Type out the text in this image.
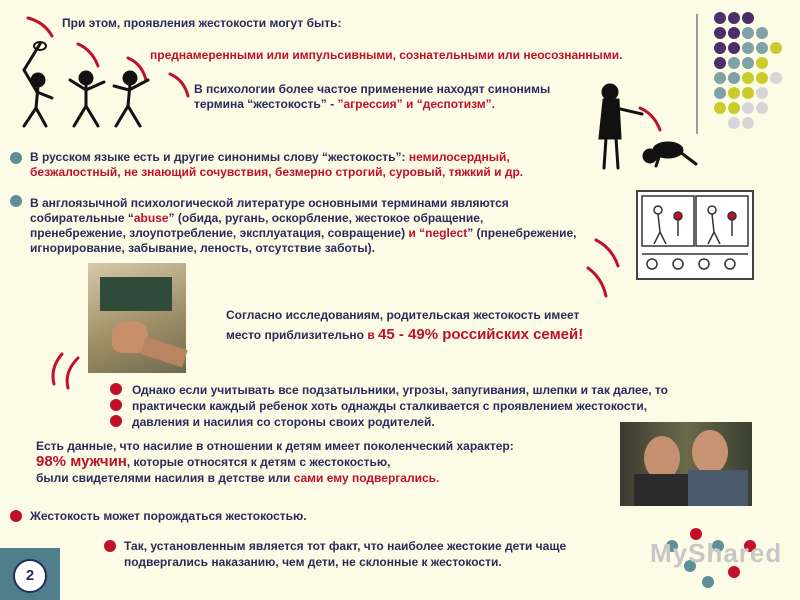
MyShared
При этом, проявления жестокости могут быть:
преднамеренными или импульсивными, сознательными или неосознанными.
В психологии более частое применение находят синонимы
термина “жестокость” - ”агрессия” и “деспотизм”.
В русском языке есть и другие синонимы слову “жестокость”: немилосердный,
безжалостный, не знающий сочувствия, безмерно строгий, суровый, тяжкий и др.
В англоязычной психологической литературе основными терминами являются
собирательные “abuse” (обида, ругань, оскорбление, жестокое обращение,
пренебрежение, злоупотребление, эксплуатация, совращение) и “neglect” (пренебрежение,
игнорирование, забывание, леность, отсутствие заботы).
Согласно исследованиям, родительская жестокость имеет
место приблизительно в 45 - 49% российских семей!
Однако если учитывать все подзатыльники, угрозы, запугивания, шлепки и так далее, то
практически каждый ребенок хоть однажды сталкивается с проявлением жестокости,
давления и насилия со стороны своих родителей.
Есть данные, что насилие в отношении к детям имеет поколенческий характер:
98% мужчин, которые относятся к детям с жестокостью,
были свидетелями насилия в детстве или сами ему подвергались.
Жестокость может порождаться жестокостью.
Так, установленным является тот факт, что наиболее жестокие дети чаще
подвергались наказанию, чем дети, не склонные к жестокости.
2
